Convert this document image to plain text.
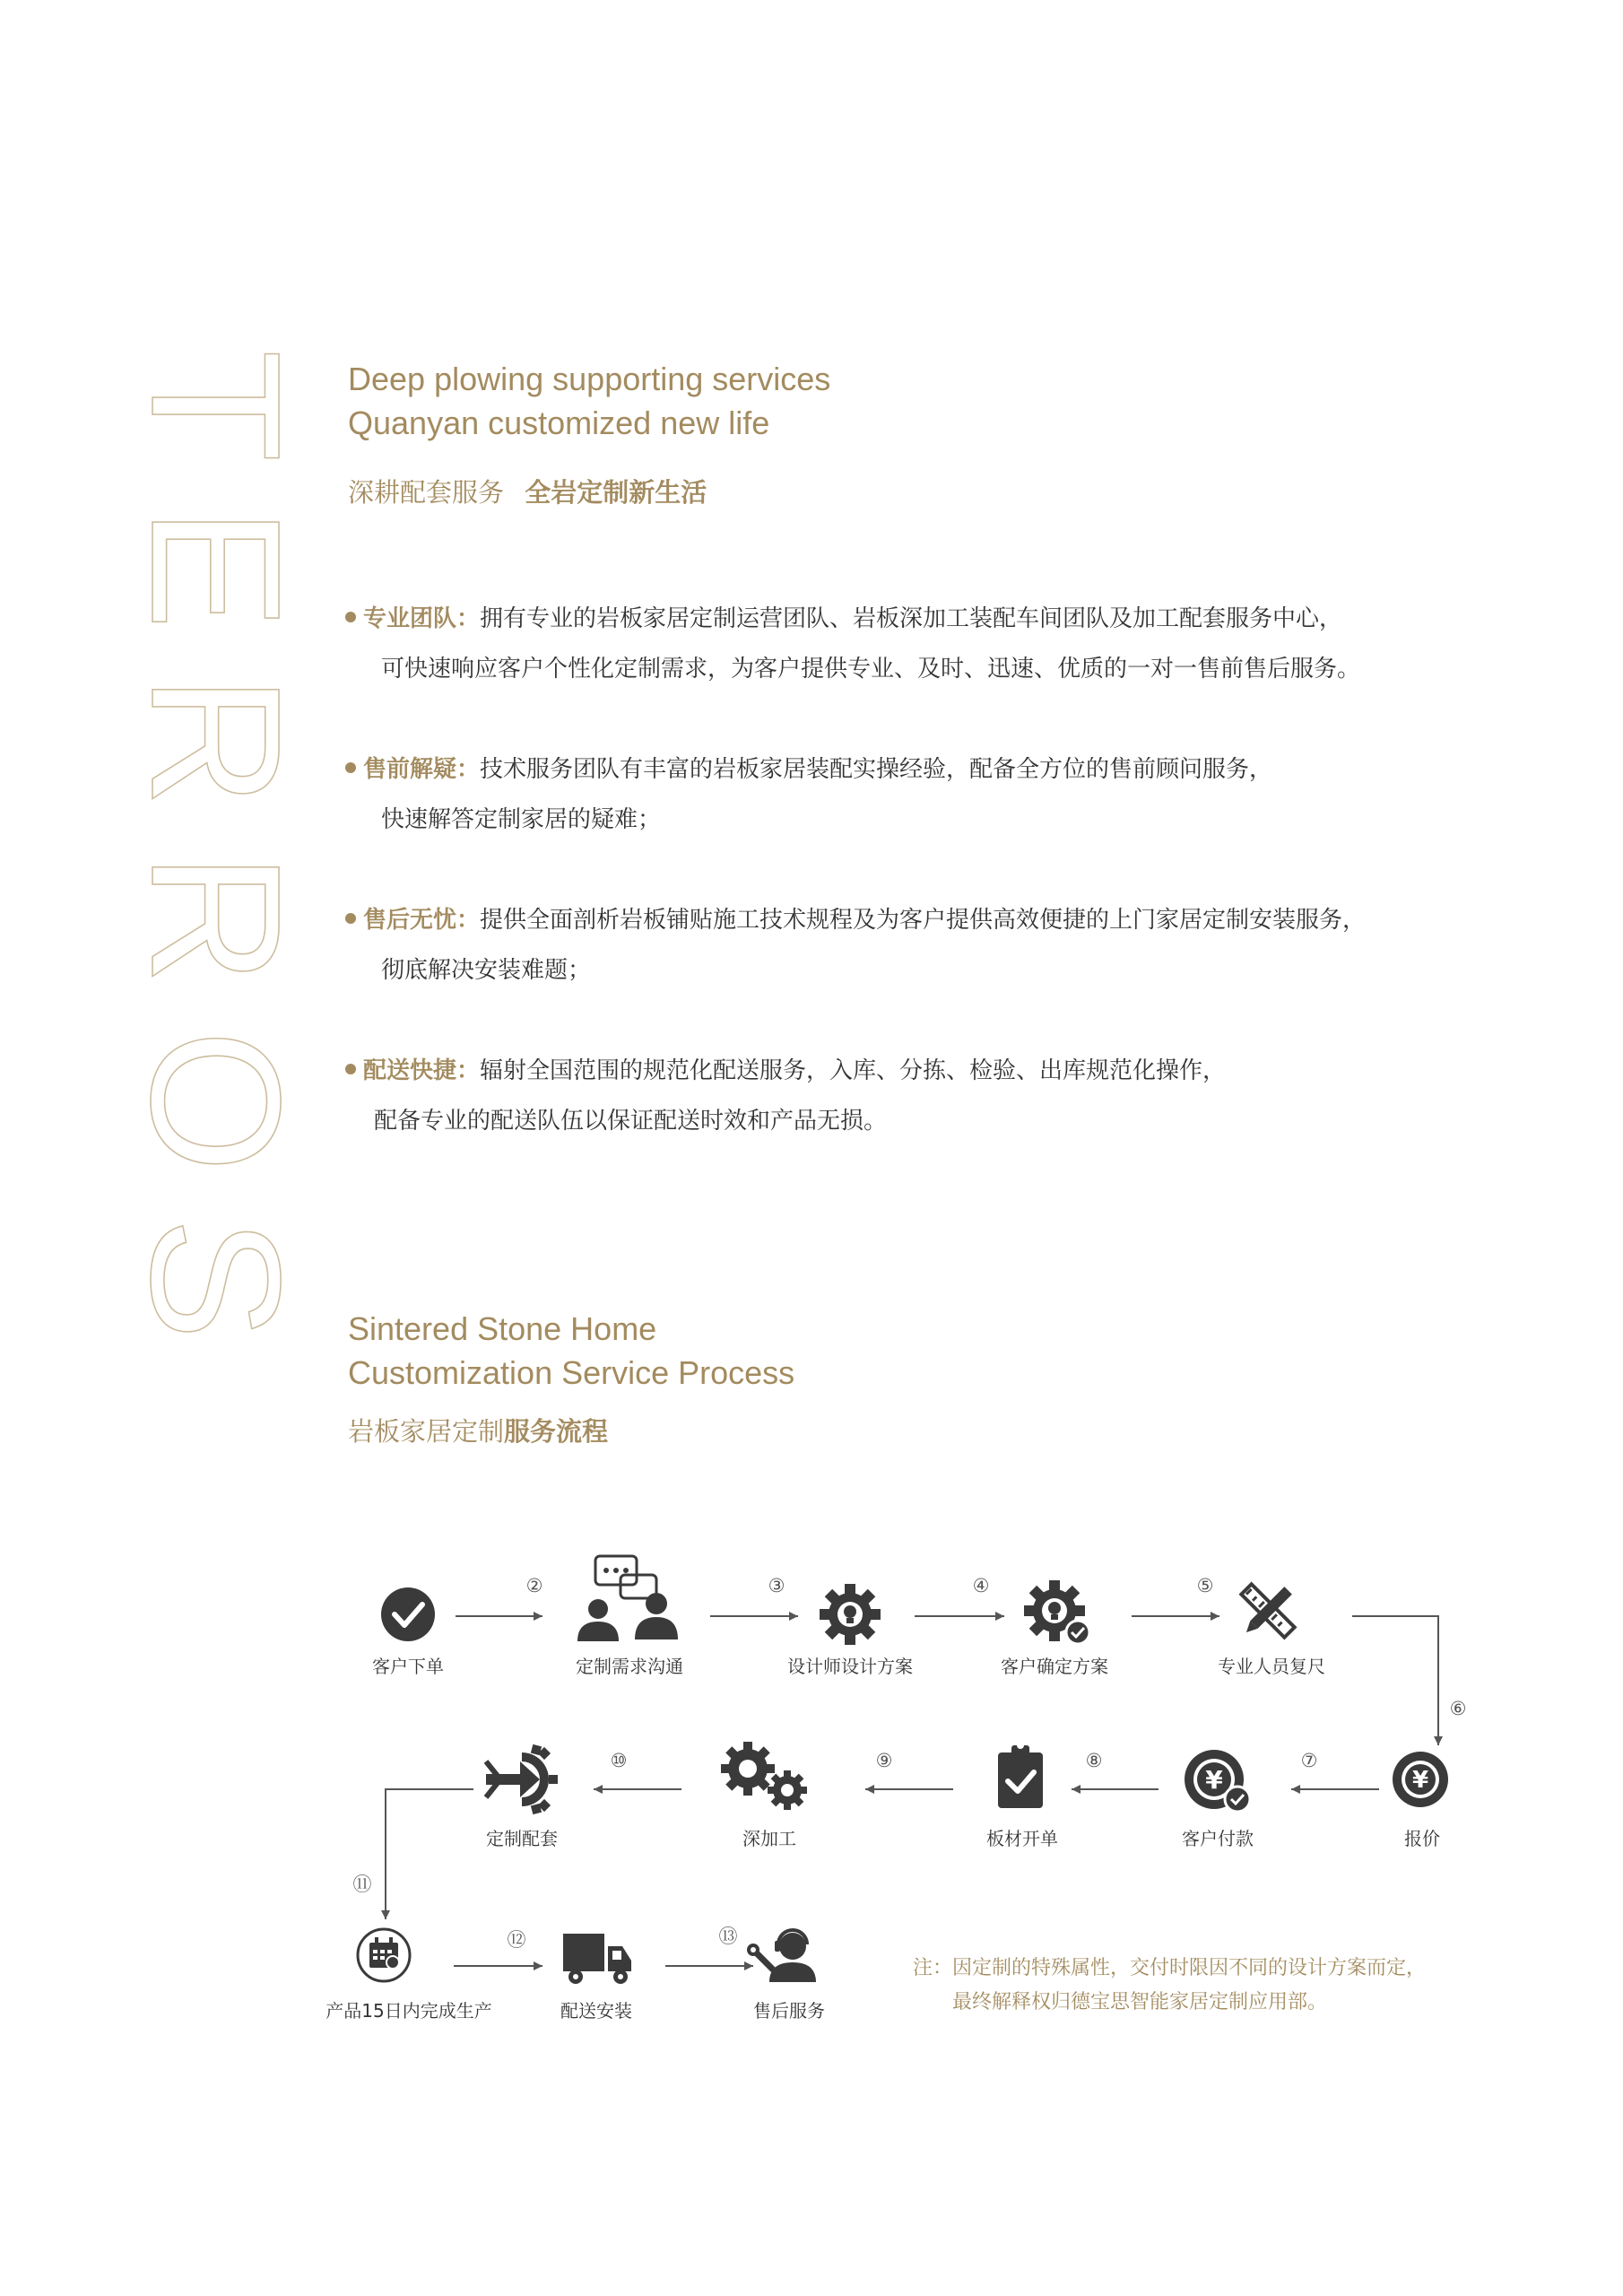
TERROS Deep plowing supporting services
Quanyan customized new life
深耕配套服务 全岩定制新生活
专业团队：拥有专业的岩板家居定制运营团队、岩板深加工装配车间团队及加工配套服务中心，
可快速响应客户个性化定制需求，为客户提供专业、及时、迅速、优质的一对一售前售后服务。
售前解疑：技术服务团队有丰富的岩板家居装配实操经验，配备全方位的售前顾问服务，
快速解答定制家居的疑难；
售后无忧：提供全面剖析岩板铺贴施工技术规程及为客户提供高效便捷的上门家居定制安装服务，
彻底解决安装难题；
配送快捷：辐射全国范围的规范化配送服务，入库、分拣、检验、出库规范化操作，
配备专业的配送队伍以保证配送时效和产品无损。
Sintered Stone Home
Customization Service Process
岩板家居定制服务流程
②	③	④	⑤
⑥
⑦
⑧
⑨
⑩
⑪
⑫	⑬
¥
¥
客户下单	定制需求沟通	设计师设计方案	客户确定方案	专业人员复尺
报价
客户付款
板材开单
深加工
定制配套
产品15日内完成生产	配送安装	售后服务
注：因定制的特殊属性，交付时限因不同的设计方案而定，
最终解释权归德宝思智能家居定制应用部。
